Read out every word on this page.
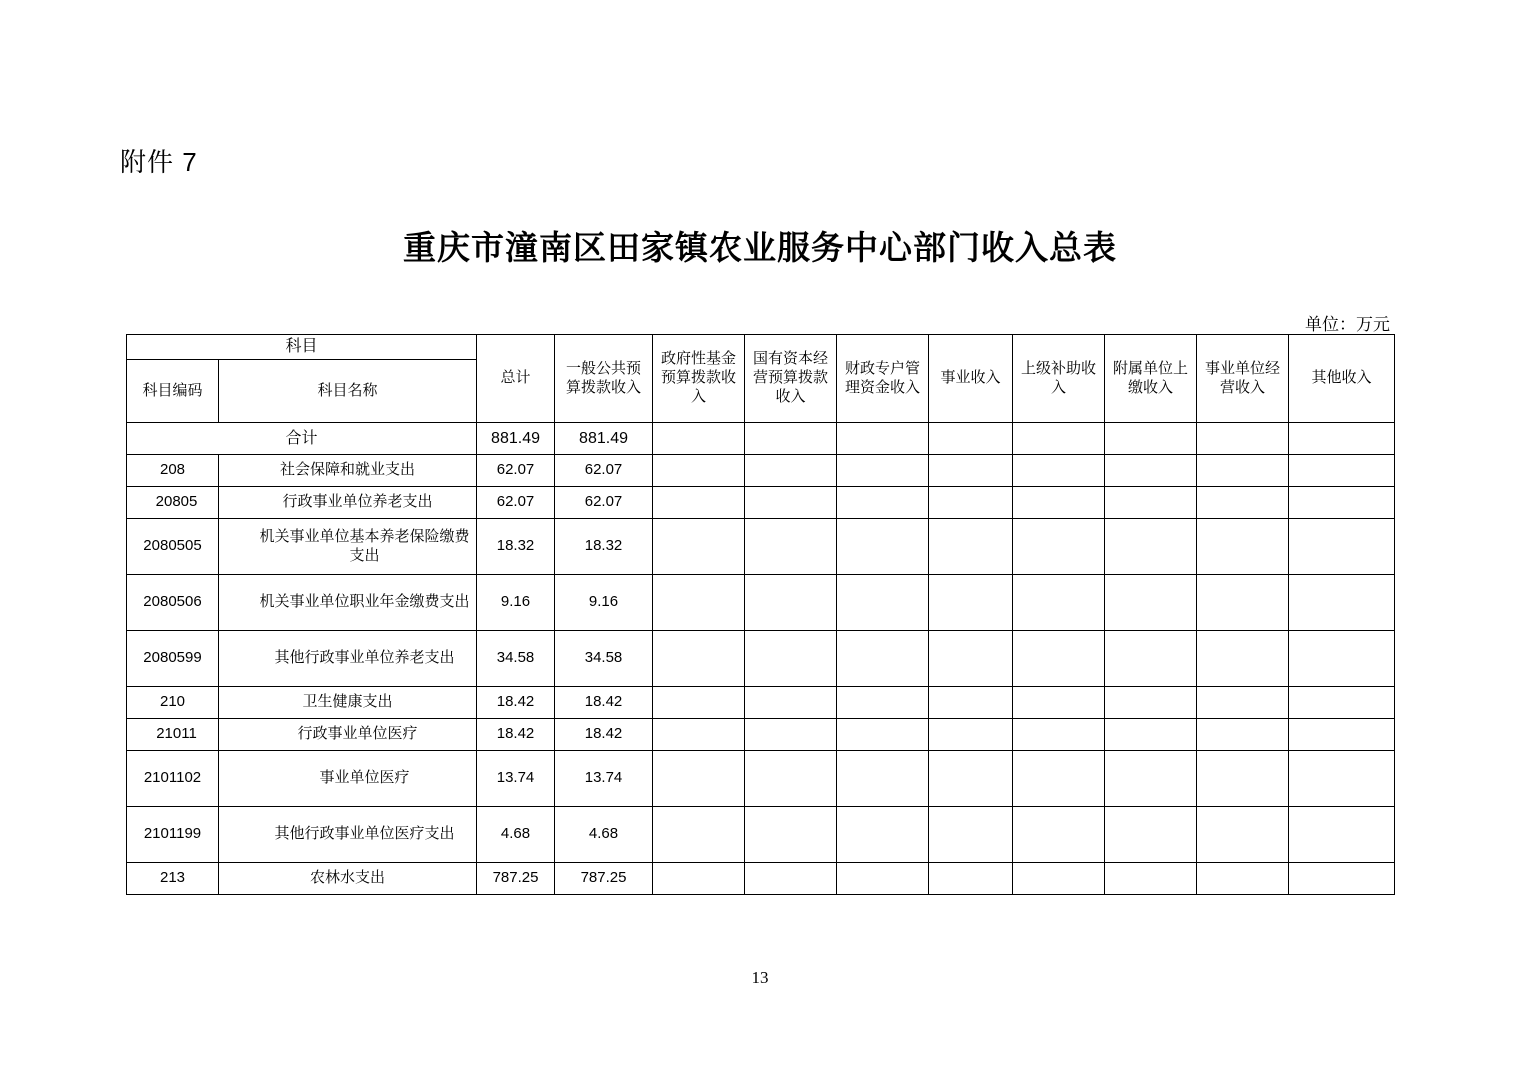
附件 7
重庆市潼南区田家镇农业服务中心部门收入总表
单位：万元
科目		总计	一般公共预算拨款收入	政府性基金预算拨款收入	国有资本经营预算拨款收入	财政专户管理资金收入	事业收入	上级补助收入	附属单位上缴收入	事业单位经营收入	其他收入
科目编码	科目名称										
合计		881.49	881.49								
208	社会保障和就业支出	62.07	62.07								
20805	行政事业单位养老支出	62.07	62.07								
2080505	机关事业单位基本养老保险缴费支出	18.32	18.32								
2080506	机关事业单位职业年金缴费支出	9.16	9.16								
2080599	其他行政事业单位养老支出	34.58	34.58								
210	卫生健康支出	18.42	18.42								
21011	行政事业单位医疗	18.42	18.42								
2101102	事业单位医疗	13.74	13.74								
2101199	其他行政事业单位医疗支出	4.68	4.68								
213	农林水支出	787.25	787.25								
13
